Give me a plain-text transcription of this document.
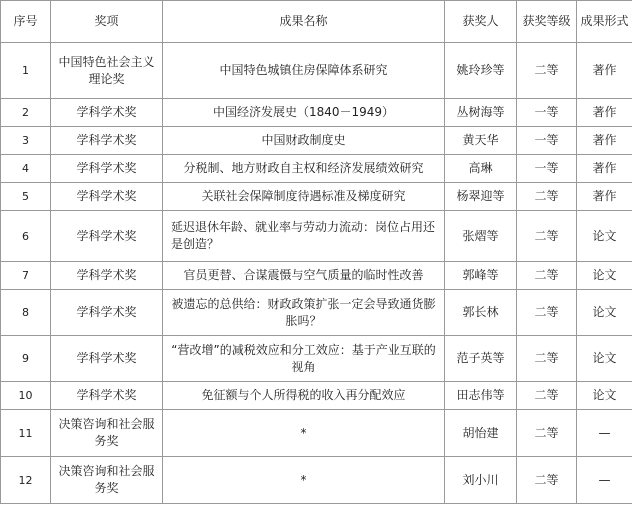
序号	奖项	成果名称	获奖人	获奖等级	成果形式
1	中国特色社会主义理论奖	中国特色城镇住房保障体系研究	姚玲珍等	二等	著作
2	学科学术奖	中国经济发展史（1840－1949）	丛树海等	一等	著作
3	学科学术奖	中国财政制度史	黄天华	一等	著作
4	学科学术奖	分税制、地方财政自主权和经济发展绩效研究	高琳	一等	著作
5	学科学术奖	关联社会保障制度待遇标准及梯度研究	杨翠迎等	二等	著作
6	学科学术奖	延迟退休年龄、就业率与劳动力流动：岗位占用还是创造？	张熠等	二等	论文
7	学科学术奖	官员更替、合谋震慑与空气质量的临时性改善	郭峰等	二等	论文
8	学科学术奖	被遗忘的总供给：财政政策扩张一定会导致通货膨胀吗？	郭长林	二等	论文
9	学科学术奖	“营改增”的减税效应和分工效应：基于产业互联的视角	范子英等	二等	论文
10	学科学术奖	免征额与个人所得税的收入再分配效应	田志伟等	二等	论文
11	决策咨询和社会服务奖	*	胡怡建	二等	—
12	决策咨询和社会服务奖	*	刘小川	二等	—
